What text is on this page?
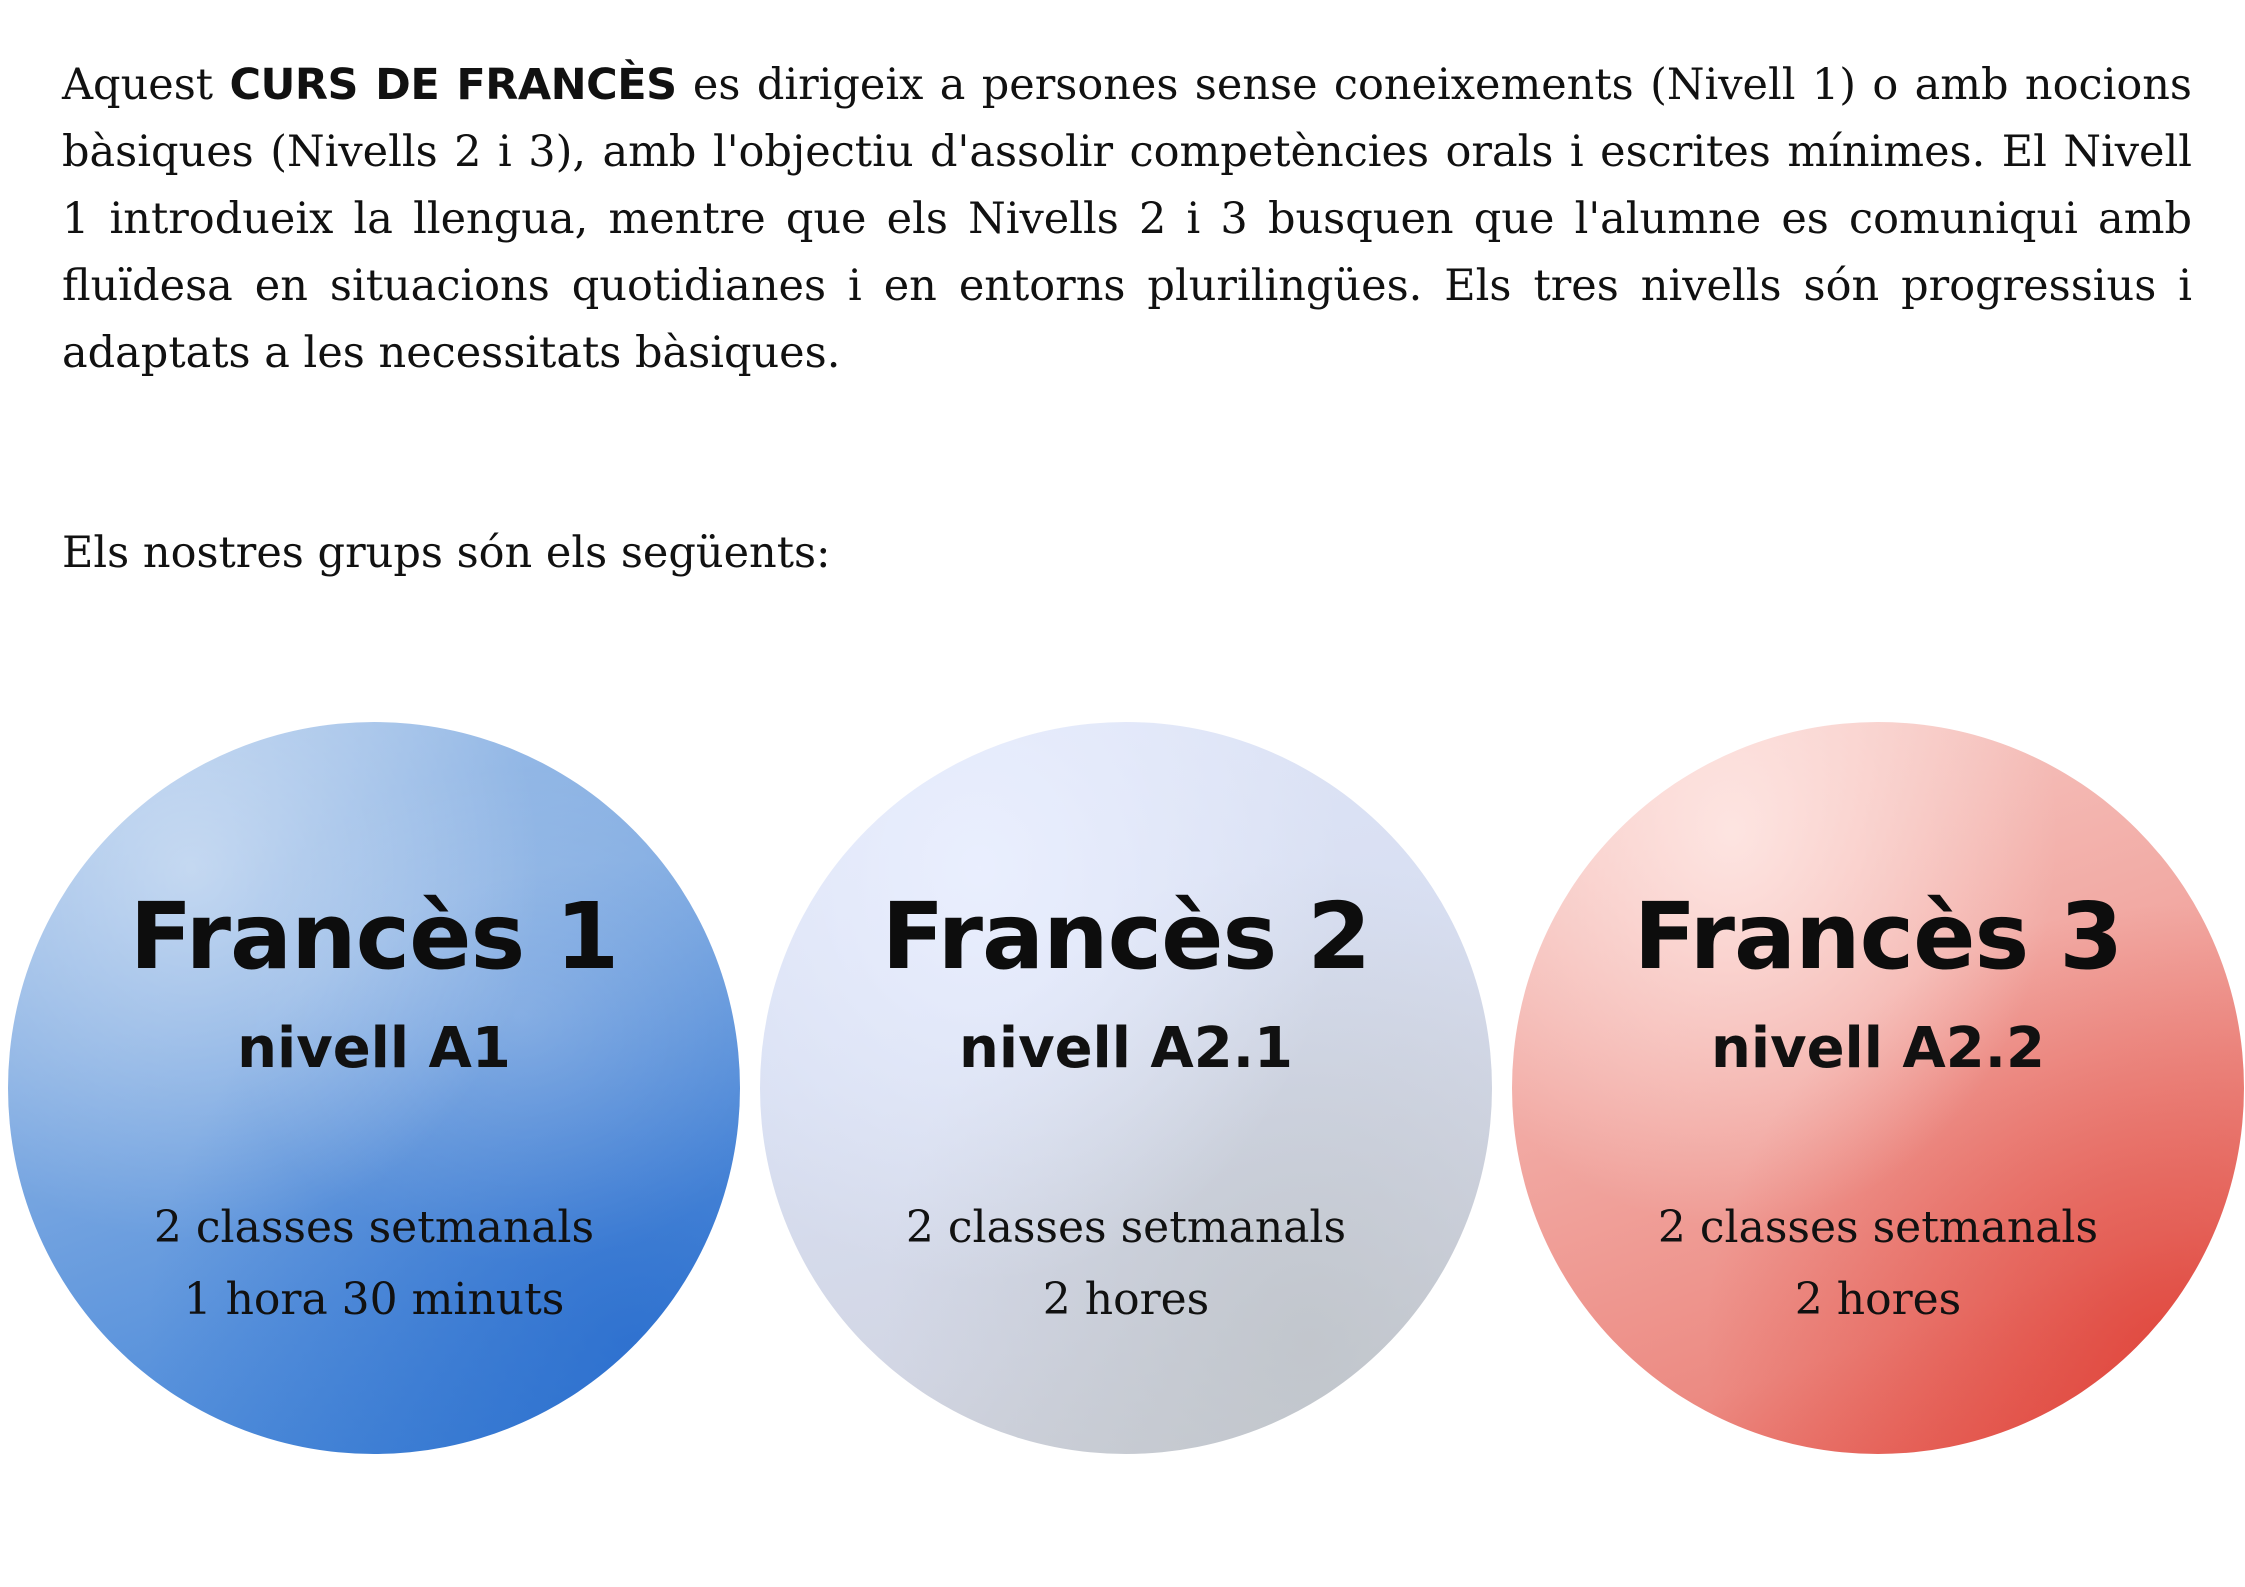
Aquest CURS DE FRANCÈS es dirigeix a persones sense coneixements (Nivell 1) o amb nocions bàsiques (Nivells 2 i 3), amb l'objectiu d'assolir competències orals i escrites mínimes. El Nivell 1 introdueix la llengua, mentre que els Nivells 2 i 3 busquen que l'alumne es comuniqui amb fluïdesa en situacions quotidianes i en entorns plurilingües. Els tres nivells són progressius i adaptats a les necessitats bàsiques.

Els nostres grups són els següents:

Francès 1

nivell A1

2 classes setmanals

1 hora 30 minuts

Francès 2

nivell A2.1

2 classes setmanals

2 hores

Francès 3

nivell A2.2

2 classes setmanals

2 hores
